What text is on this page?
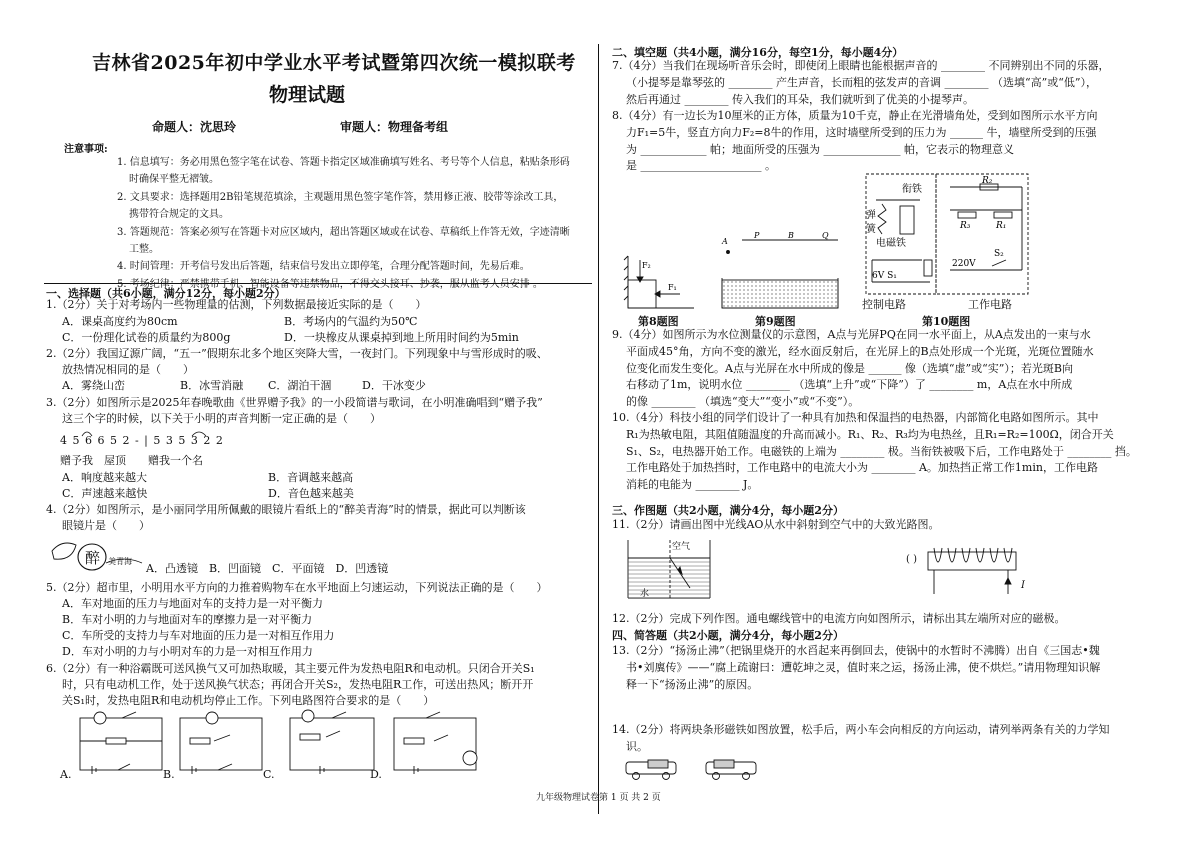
吉林省2025年初中学业水平考试暨第四次统一模拟联考
物理试题
命题人：沈思玲	审题人：物理备考组
注意事项:
1. 信息填写：务必用黑色签字笔在试卷、答题卡指定区域准确填写姓名、考号等个人信息，粘贴条形码
时确保平整无褶皱。
2. 文具要求：选择题用2B铅笔规范填涂，主观题用黑色签字笔作答，禁用修正液、胶带等涂改工具，
携带符合规定的文具。
3. 答题规范：答案必须写在答题卡对应区域内，超出答题区域或在试卷、草稿纸上作答无效，字迹清晰
工整。
4. 时间管理：开考信号发出后答题，结束信号发出立即停笔，合理分配答题时间，先易后难。
5. 考场纪律：严禁携带手机、智能设备等违禁物品，不得交头接耳、抄袭，服从监考人员安排 。
一、选择题（共6小题，满分12分，每小题2分）
1.（2分）关于对考场内一些物理量的估测，下列数据最接近实际的是（　　）
A．课桌高度约为80cm	B．考场内的气温约为50℃
C．一份理化试卷的质量约为800g	D．一块橡皮从课桌掉到地上所用时间约为5min
2.（2分）我国辽源广阔，“五一”假期东北多个地区突降大雪，一夜封门。下列现象中与雪形成时的吸、
放热情况相同的是（　　）
A．雾绕山峦	B．冰雪消融 C．湖泊干涸	D．干冰变少
3.（2分）如图所示是2025年春晚歌曲《世界赠予我》的一小段简谱与歌词，在小明准确唱到“赠予我”
这三个字的时候，以下关于小明的声音判断一定正确的是（　　）
4 5 6 6 5 2 - | 5 3 5 3 2 2
赠予我　屋顶　　赠我一个名
A．响度越来越大	B．音调越来越高
C．声速越来越快	D．音色越来越美
4.（2分）如图所示，是小丽同学用所佩戴的眼镜片看纸上的“醉美青海”时的情景，据此可以判断该
眼镜片是（　　）
醉 美青海
A．凸透镜　B．凹面镜　C．平面镜　D．凹透镜
5.（2分）超市里，小明用水平方向的力推着购物车在水平地面上匀速运动，下列说法正确的是（　　）
A．车对地面的压力与地面对车的支持力是一对平衡力
B．车对小明的力与地面对车的摩擦力是一对平衡力
C．车所受的支持力与车对地面的压力是一对相互作用力
D．车对小明的力与小明对车的力是一对相互作用力
6.（2分）有一种浴霸既可送风换气又可加热取暖，其主要元件为发热电阻R和电动机。只闭合开关S₁
时，只有电动机工作，处于送风换气状态；再闭合开关S₂，发热电阻R工作，可送出热风；断开开
关S₁时，发热电阻R和电动机均停止工作。下列电路图符合要求的是（　　）
A.	B.	C.	D.
二、填空题（共4小题，满分16分，每空1分，每小题4分）
7.（4分）当我们在现场听音乐会时，即使闭上眼睛也能根据声音的 ________ 不同辨别出不同的乐器，
（小提琴是靠琴弦的 ________ 产生声音，长而粗的弦发声的音调 ________ （选填“高”或“低”），
然后再通过 ________ 传入我们的耳朵，我们就听到了优美的小提琴声。
8.（4分）有一边长为10厘米的正方体，质量为10千克，静止在光滑墙角处，受到如图所示水平方向
力F₁=5牛，竖直方向力F₂=8牛的作用，这时墙壁所受到的压力为 ______ 牛，墙壁所受到的压强
为 ____________ 帕；地面所受的压强为 ______________ 帕，它表示的物理意义
是 ______________________ 。
F₂
F₁
A
P	B	Q
衔铁
弹
簧
电磁铁
6V S₁
R₂
R₃	R₁
220V
S₂
控制电路	工作电路
第8题图	第9题图	第10题图
9.（4分）如图所示为水位测量仪的示意图，A点与光屏PQ在同一水平面上，从A点发出的一束与水
平面成45°角，方向不变的激光，经水面反射后，在光屏上的B点处形成一个光斑，光斑位置随水
位变化而发生变化。A点与光屏在水中所成的像是 ______ 像（选填“虚”或“实”）；若光斑B向
右移动了1m，说明水位 ________ （选填“上升”或“下降”）了 ________ m，A点在水中所成
的像 ________ （填选“变大”“变小”或“不变”）。
10.（4分）科技小组的同学们设计了一种具有加热和保温挡的电热器，内部简化电路如图所示。其中
R₁为热敏电阻，其阻值随温度的升高而减小。R₁、R₂、R₃均为电热丝，且R₁=R₂=100Ω，闭合开关
S₁、S₂，电热器开始工作。电磁铁的上端为 ________ 极。当衔铁被吸下后，工作电路处于 ________ 挡。
工作电路处于加热挡时，工作电路中的电流大小为 ________ A。加热挡正常工作1min，工作电路
消耗的电能为 ________ J。
三、作图题（共2小题，满分4分，每小题2分）
11.（2分）请画出图中光线AO从水中斜射到空气中的大致光路图。
空气
水
( )
I
12.（2分）完成下列作图。通电螺线管中的电流方向如图所示，请标出其左端所对应的磁极。
四、简答题（共2小题，满分4分，每小题2分）
13.（2分）“扬汤止沸”（把锅里烧开的水舀起来再倒回去，使锅中的水暂时不沸腾）出自《三国志•魏
书•刘廙传》——“腐上疏谢曰：遭乾坤之灵，值时来之运，扬汤止沸，使不烘烂。”请用物理知识解
释一下“扬汤止沸”的原因。
14.（2分）将两块条形磁铁如图放置，松手后，两小车会向相反的方向运动，请列举两条有关的力学知
识。
九年级物理试卷第 1 页 共 2 页
